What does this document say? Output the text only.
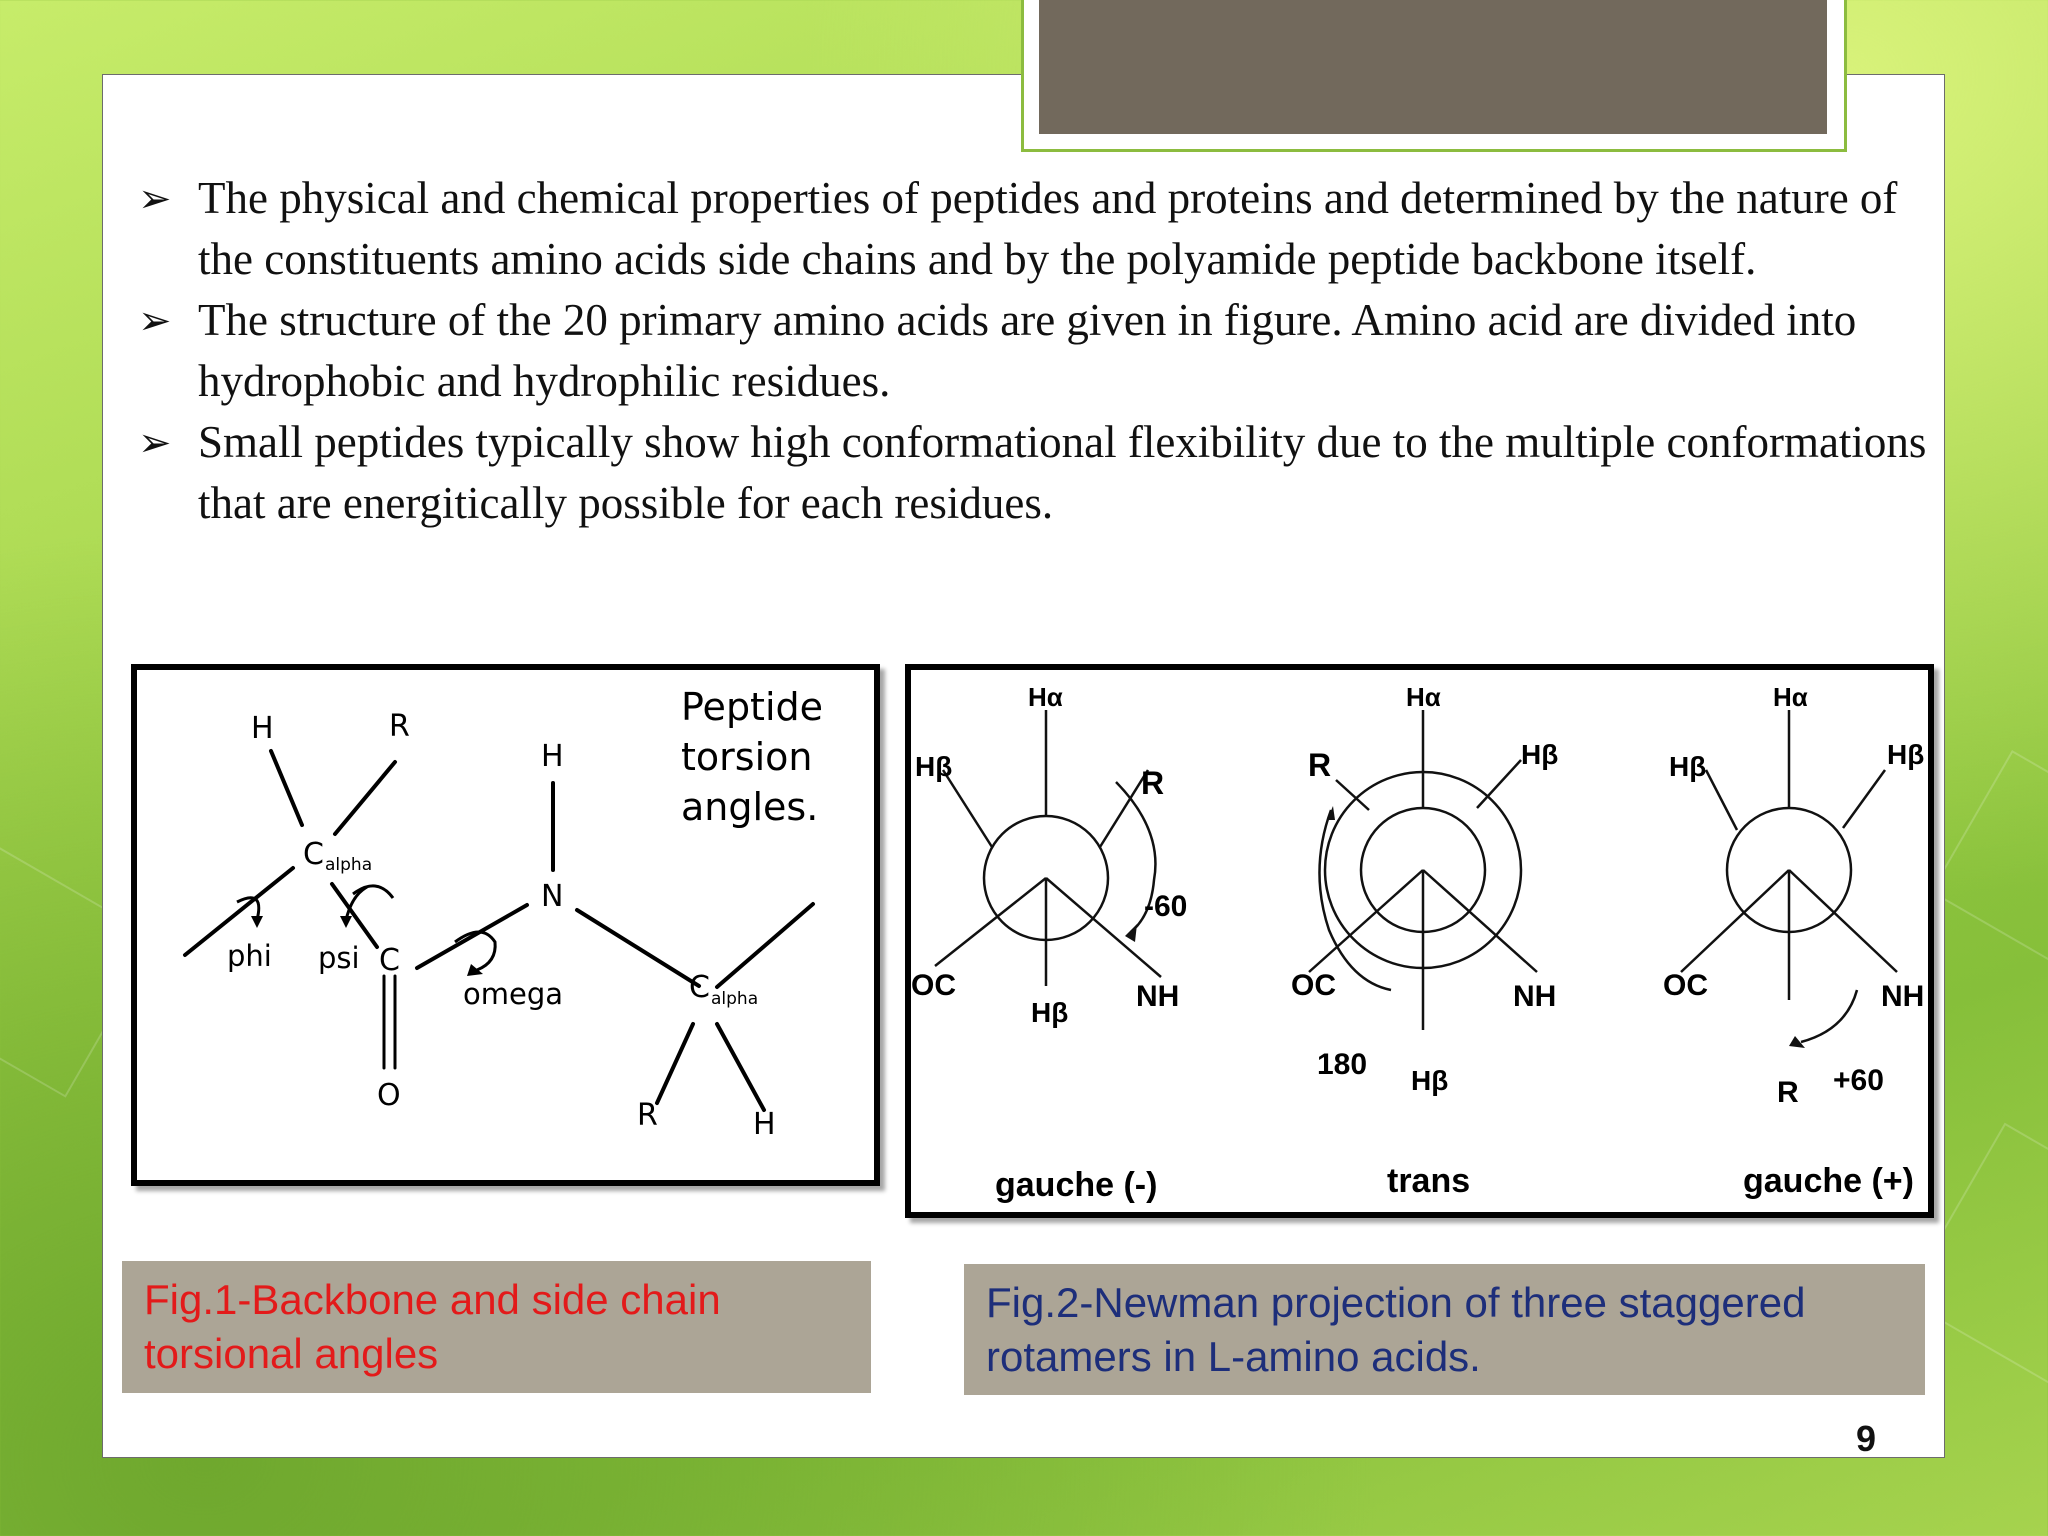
➢ The physical and chemical properties of peptides and proteins and determined by the nature of the constituents amino acids side chains and by the polyamide peptide backbone itself.
➢ The structure of the 20 primary amino acids are given in figure. Amino acid are divided into hydrophobic and hydrophilic residues.
➢ Small peptides typically show high conformational flexibility due to the multiple conformations that are energitically possible for each residues.
H	R
C alpha
H
N
C
O
C alpha
R	H
phi psi
omega
Peptide
torsion
angles.
Hα
Hβ	R
OC	NH
Hβ
-60
gauche (-)
Hα
R	Hβ
OC	NH
Hβ
180
trans
Hα
Hβ	Hβ
OC	NH
R +60
gauche (+)
Fig.1-Backbone and side chain torsional angles
Fig.2-Newman projection of three staggered rotamers in L-amino acids.
9
